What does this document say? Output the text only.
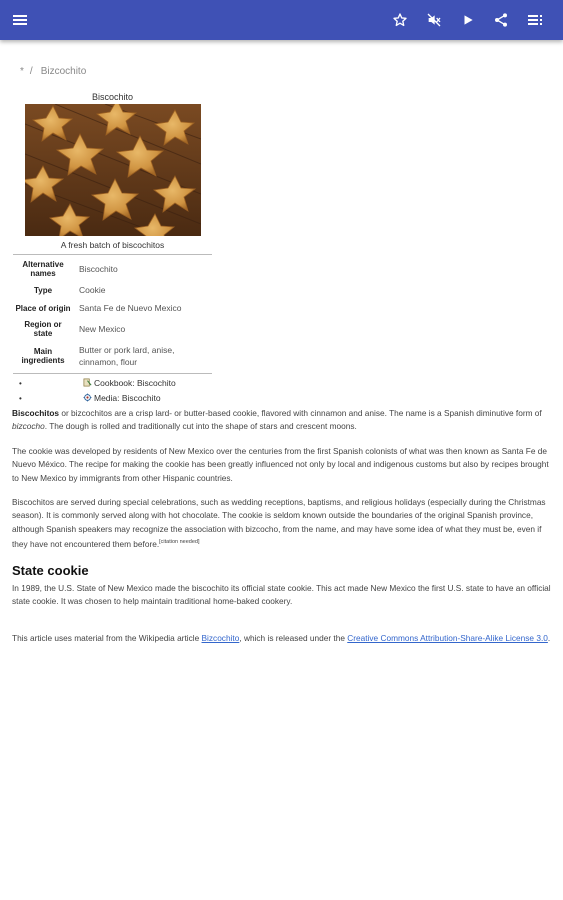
* / Bizcochito
Biscochito
A fresh batch of biscochitos
Alternative names	Biscochito
Type	Cookie
Place of origin	Santa Fe de Nuevo Mexico
Region or state	New Mexico
Main ingredients	Butter or pork lard, anise, cinnamon, flour
•	Cookbook: Biscochito
•	Media: Biscochito

Biscochitos or bizcochitos are a crisp lard- or butter-based cookie, flavored with cinnamon and anise. The name is a Spanish diminutive form of bizcocho. The dough is rolled and traditionally cut into the shape of stars and crescent moons.

The cookie was developed by residents of New Mexico over the centuries from the first Spanish colonists of what was then known as Santa Fe de Nuevo México. The recipe for making the cookie has been greatly influenced not only by local and indigenous customs but also by recipes brought to New Mexico by immigrants from other Hispanic countries.

Biscochitos are served during special celebrations, such as wedding receptions, baptisms, and religious holidays (especially during the Christmas season). It is commonly served along with hot chocolate. The cookie is seldom known outside the boundaries of the original Spanish province, although Spanish speakers may recognize the association with bizcocho, from the name, and may have some idea of what they must be, even if they have not encountered them before.[citation needed]

State cookie

In 1989, the U.S. State of New Mexico made the biscochito its official state cookie. This act made New Mexico the first U.S. state to have an official state cookie. It was chosen to help maintain traditional home-baked cookery.

This article uses material from the Wikipedia article Bizcochito, which is released under the Creative Commons Attribution-Share-Alike License 3.0.
